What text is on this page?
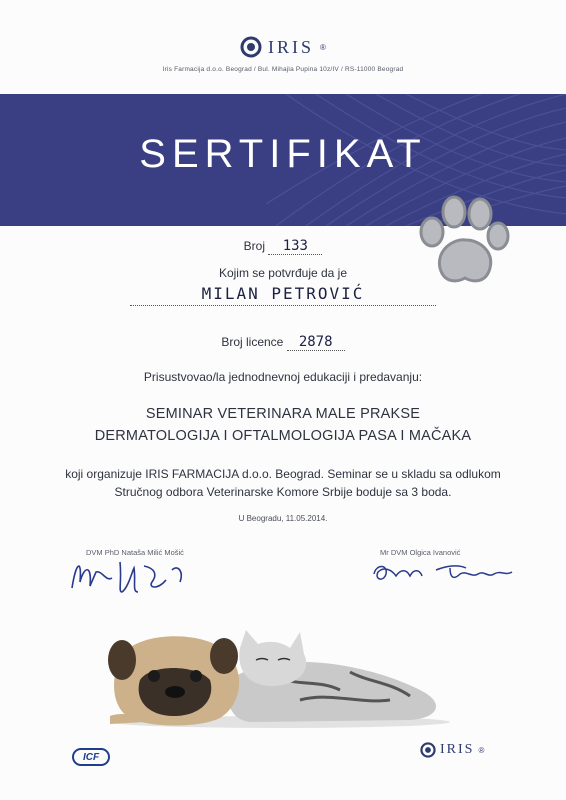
IRIS ®
Iris Farmacija d.o.o. Beograd / Bul. Mihajla Pupina 10z/IV / RS-11000 Beograd
SERTIFIKAT
Broj 133
Kojim se potvrđuje da je
MILAN PETROVIĆ
Broj licence 2878
Prisustvovao/la jednodnevnoj edukaciji i predavanju:
SEMINAR VETERINARA MALE PRAKSE
DERMATOLOGIJA I OFTALMOLOGIJA PASA I MAČAKA
koji organizuje IRIS FARMACIJA d.o.o. Beograd. Seminar se u skladu sa odlukom
Stručnog odbora Veterinarske Komore Srbije boduje sa 3 boda.
U Beogradu, 11.05.2014.
DVM PhD Nataša Milić Mošić	Mr DVM Olgica Ivanović
ICF	IRIS ®
